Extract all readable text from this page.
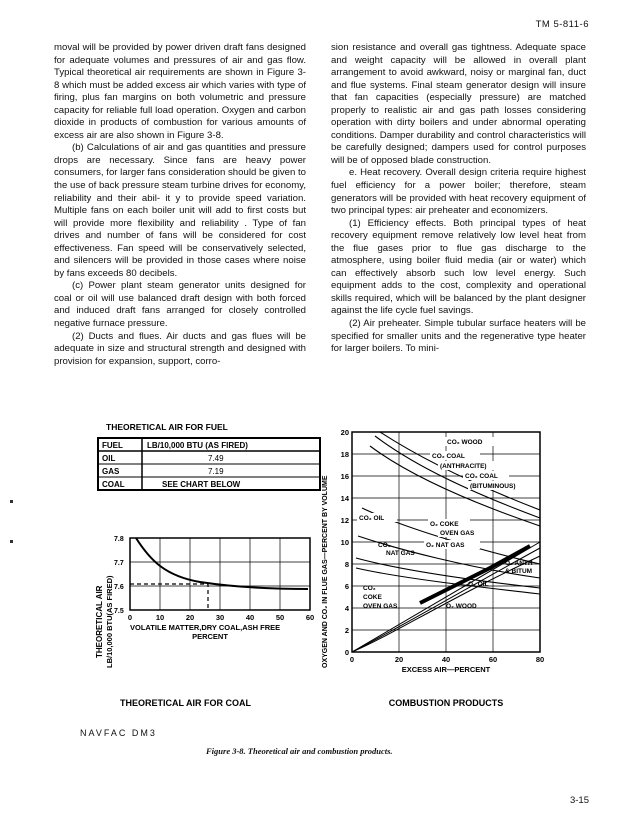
TM 5-811-6

moval will be provided by power driven draft fans designed for adequate volumes and pressures of air and gas flow. Typical theoretical air requirements are shown in Figure 3-8 which must be added excess air which varies with type of firing, plus fan margins on both volumetric and pressure capacity for reliable full load operation. Oxygen and carbon dioxide in products of combustion for various amounts of excess air are also shown in Figure 3-8.

(b) Calculations of air and gas quantities and pressure drops are necessary. Since fans are heavy power consumers, for larger fans consideration should be given to the use of back pressure steam turbine drives for economy, reliability and their abil- it y to provide speed variation. Multiple fans on each boiler unit will add to first costs but will provide more flexibility and reliability . Type of fan drives and number of fans will be considered for cost effectiveness. Fan speed will be conservatively selected, and silencers will be provided in those cases where noise by fans exceeds 80 decibels.

(c) Power plant steam generator units designed for coal or oil will use balanced draft design with both forced and induced draft fans arranged for closely controlled negative furnace pressure.

(2) Ducts and flues. Air ducts and gas flues will be adequate in size and structural strength and designed with provision for expansion, support, corro-

sion resistance and overall gas tightness. Adequate space and weight capacity will be allowed in overall plant arrangement to avoid awkward, noisy or marginal fan, duct and flue systems. Final steam generator design will insure that fan capacities (especially pressure) are matched properly to realistic air and gas path losses considering operation with dirty boilers and under abnormal operating conditions. Damper durability and control characteristics will be carefully designed; dampers used for control purposes will be of opposed blade construction.

e. Heat recovery. Overall design criteria require highest fuel efficiency for a power boiler; therefore, steam generators will be provided with heat recovery equipment of two principal types: air preheater and economizers.

(1) Efficiency effects. Both principal types of heat recovery equipment remove relatively low level heat from the flue gases prior to flue gas discharge to the atmosphere, using boiler fluid media (air or water) which can effectively absorb such low level energy. Such equipment adds to the cost, complexity and operational skills required, which will be balanced by the plant designer against the life cycle fuel savings.

(2) Air preheater. Simple tubular surface heaters will be specified for smaller units and the regenerative type heater for larger boilers. To mini-

THEORETICAL AIR FOR FUEL
FUEL	LB/10,000 BTU (AS FIRED)
OIL	7.49
GAS	7.19
COAL	SEE CHART BELOW
THEORETICAL AIR LB/10,000 BTU(AS FIRED)
7.8
7.7
7.6
7.5
0	10	20	30	40	50	60
VOLATILE MATTER,DRY COAL,ASH FREE
PERCENT
THEORETICAL AIR FOR COAL
OXYGEN AND CO₂ IN FLUE GAS—PERCENT BY VOLUME
20
18
16
14
12
10
8
6
4
2
0
CO₂ WOOD
CO₂ COAL
(ANTHRACITE)
CO₂ COAL
(BITUMINOUS)
CO₂ OIL
O₂ COKE
OVEN GAS
CO₂
NAT GAS
O₂ NAT GAS
O₂ ANTH
& BITUM
O₂ OIL
CO₂
COKE
OVEN GAS	O₂ WOOD
0	20	40	60	80
EXCESS AIR—PERCENT
COMBUSTION PRODUCTS
NAVFAC DM3
Figure 3-8. Theoretical air and combustion products.
3-15
